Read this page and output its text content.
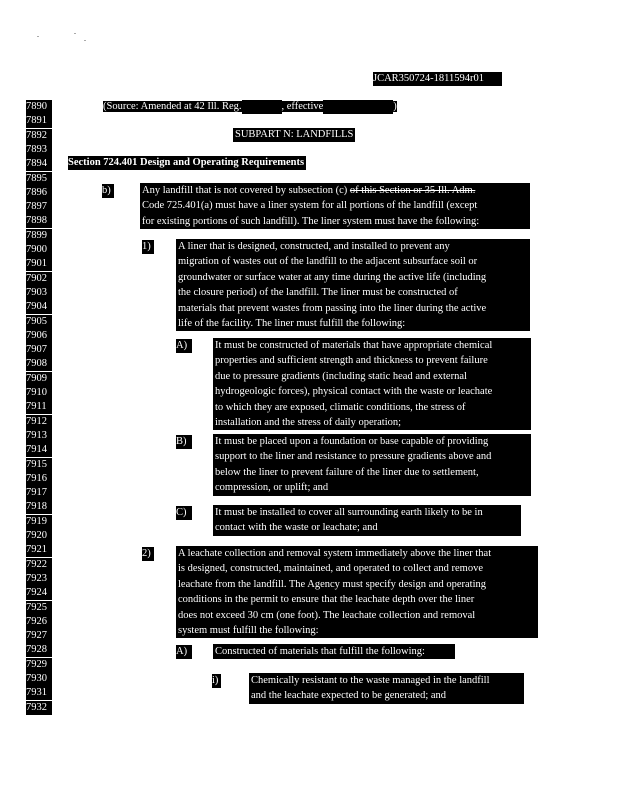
JCAR350724-1811594r01
7890
7891
7892
7893
7894
7895
7896
7897
7898
7899
7900
7901
7902
7903
7904
7905
7906
7907
7908
7909
7910
7911
7912
7913
7914
7915
7916
7917
7918
7919
7920
7921
7922
7923
7924
7925
7926
7927
7928
7929
7930
7931
7932
(Source: Amended at 42 Ill. Reg.	, effective	)
SUBPART N: LANDFILLS
Section 724.401 Design and Operating Requirements
b)	Any landfill that is not covered by subsection (c) of this Section or 35 Ill. Adm.
Code 725.401(a) must have a liner system for all portions of the landfill (except
for existing portions of such landfill). The liner system must have the following:
1)	A liner that is designed, constructed, and installed to prevent any
migration of wastes out of the landfill to the adjacent subsurface soil or
groundwater or surface water at any time during the active life (including
the closure period) of the landfill. The liner must be constructed of
materials that prevent wastes from passing into the liner during the active
life of the facility. The liner must fulfill the following:
A)	It must be constructed of materials that have appropriate chemical
properties and sufficient strength and thickness to prevent failure
due to pressure gradients (including static head and external
hydrogeologic forces), physical contact with the waste or leachate
to which they are exposed, climatic conditions, the stress of
installation and the stress of daily operation;
B)	It must be placed upon a foundation or base capable of providing
support to the liner and resistance to pressure gradients above and
below the liner to prevent failure of the liner due to settlement,
compression, or uplift; and
C)	It must be installed to cover all surrounding earth likely to be in
contact with the waste or leachate; and
2)	A leachate collection and removal system immediately above the liner that
is designed, constructed, maintained, and operated to collect and remove
leachate from the landfill. The Agency must specify design and operating
conditions in the permit to ensure that the leachate depth over the liner
does not exceed 30 cm (one foot). The leachate collection and removal
system must fulfill the following:
A)	Constructed of materials that fulfill the following:
i)	Chemically resistant to the waste managed in the landfill
and the leachate expected to be generated; and
